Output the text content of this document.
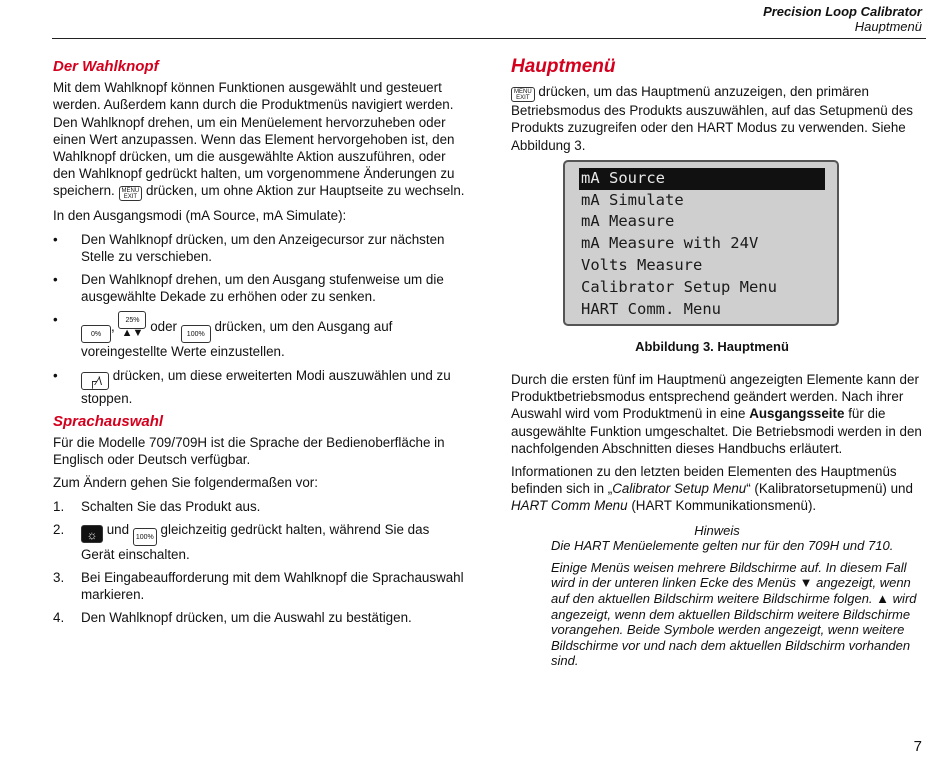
Precision Loop Calibrator
Hauptmenü
Der Wahlknopf

Mit dem Wahlknopf können Funktionen ausgewählt und gesteuert werden. Außerdem kann durch die Produktmenüs navigiert werden. Den Wahlknopf drehen, um ein Menüelement hervorzuheben oder einen Wert anzupassen. Wenn das Element hervorgehoben ist, den Wahlknopf drücken, um die ausgewählte Aktion auszuführen, oder den Wahlknopf gedrückt halten, um vorgenommene Änderungen zu speichern. MENU
EXIT drücken, um ohne Aktion zur Hauptseite zu wechseln.

In den Ausgangsmodi (mA Source, mA Simulate):

• Den Wahlknopf drücken, um den Anzeigecursor zur nächsten Stelle zu verschieben.
• Den Wahlknopf drehen, um den Ausgang stufenweise um die ausgewählte Dekade zu erhöhen oder zu senken.
•
0%, 25%
▲▼ oder 100% drücken, um den Ausgang auf voreingestellte Werte einzustellen.
•	┌∕\ drücken, um diese erweiterten Modi auszuwählen und zu stoppen.
Sprachauswahl

Für die Modelle 709/709H ist die Sprache der Bedienoberfläche in Englisch oder Deutsch verfügbar.

Zum Ändern gehen Sie folgendermaßen vor:

1. Schalten Sie das Produkt aus.
2. ☼ und 100% gleichzeitig gedrückt halten, während Sie das Gerät einschalten.
3. Bei Eingabeaufforderung mit dem Wahlknopf die Sprachauswahl markieren.
4. Den Wahlknopf drücken, um die Auswahl zu bestätigen.
Hauptmenü

MENU
EXIT drücken, um das Hauptmenü anzuzeigen, den primären Betriebsmodus des Produkts auszuwählen, auf das Setupmenü des Produkts zuzugreifen oder den HART Modus zu verwenden. Siehe Abbildung 3.

mA Source
mA Simulate
mA Measure
mA Measure with 24V
Volts Measure
Calibrator Setup Menu
HART Comm. Menu
Abbildung 3. Hauptmenü

Durch die ersten fünf im Hauptmenü angezeigten Elemente kann der Produktbetriebsmodus entsprechend geändert werden. Nach ihrer Auswahl wird vom Produktmenü in eine Ausgangsseite für die ausgewählte Funktion umgeschaltet. Die Betriebsmodi werden in den nachfolgenden Abschnitten dieses Handbuchs erläutert.

Informationen zu den letzten beiden Elementen des Hauptmenüs befinden sich in „Calibrator Setup Menu“ (Kalibratorsetupmenü) und HART Comm Menu (HART Kommunikationsmenü).

Hinweis

Die HART Menüelemente gelten nur für den 709H und 710.

Einige Menüs weisen mehrere Bildschirme auf. In diesem Fall wird in der unteren linken Ecke des Menüs ▼ angezeigt, wenn auf den aktuellen Bildschirm weitere Bildschirme folgen. ▲ wird angezeigt, wenn dem aktuellen Bildschirm weitere Bildschirme vorangehen. Beide Symbole werden angezeigt, wenn weitere Bildschirme vor und nach dem aktuellen Bildschirm vorhanden sind.

7
